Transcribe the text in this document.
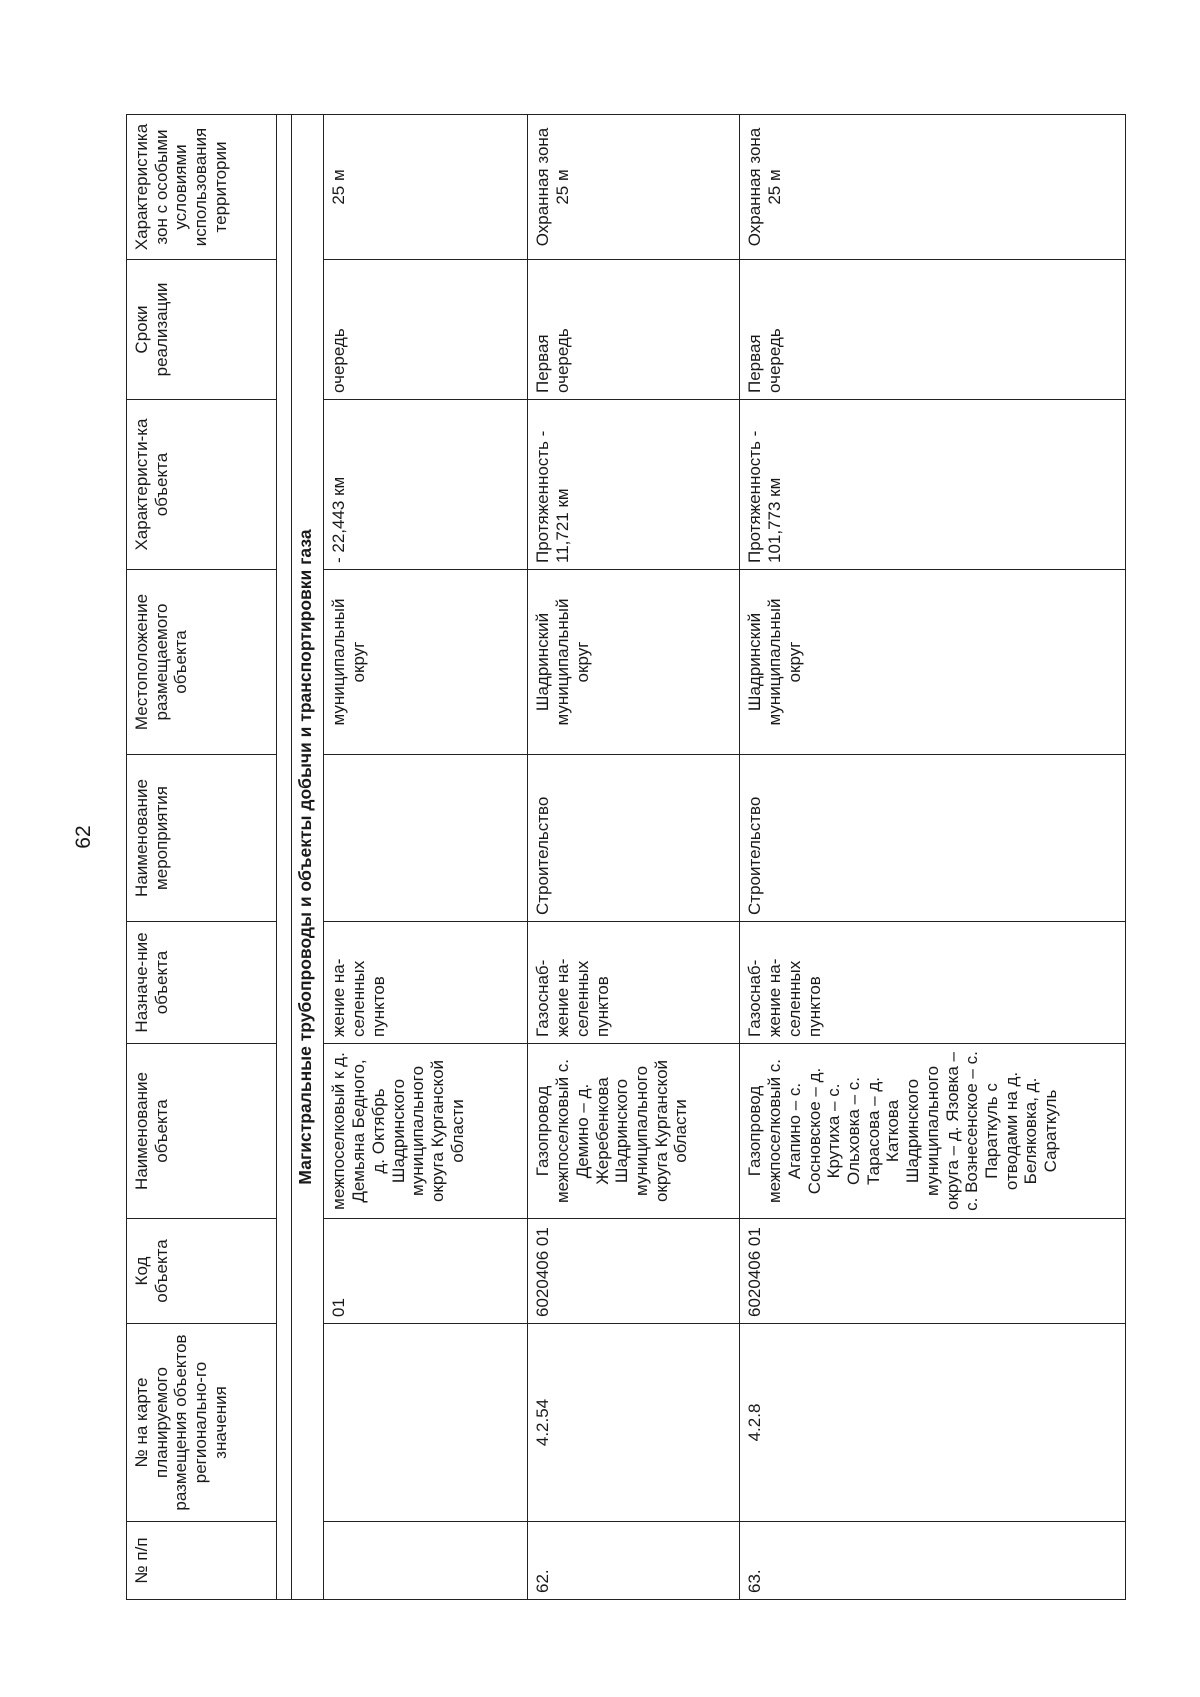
62
№ п/п	№ на карте планируемого размещения объектов регионально-го значения	Код объекта	Наименование объекта	Назначе-ние объекта	Наименование мероприятия	Местоположение размещаемого объекта	Характеристи-ка объекта	Сроки реализации	Характеристика зон с особыми условиями использования территории

Магистральные трубопроводы и объекты добычи и транспортировки газа									
		01	межпоселковый к д. Демьяна Бедного, д. Октябрь Шадринского муниципального округа Курганской области	жение на-селенных пунктов		муниципальный округ	- 22,443 км	очередь	25 м
62.	4.2.54	6020406 01	Газопровод межпоселковый с. Демино – д. Жеребенкова Шадринского муниципального округа Курганской области	Газоснаб-жение на-селенных пунктов	Строительство	Шадринский муниципальный округ	Протяженность - 11,721 км	Первая очередь	Охранная зона 25 м
63.	4.2.8	6020406 01	Газопровод межпоселковый с. Агапино – с. Сосновское – д. Крутиха – с. Ольховка – с. Тарасова – д. Каткова Шадринского муниципального округа – д. Язовка – с. Вознесенское – с. Параткуль с отводами на д. Беляковка, д. Сараткуль	Газоснаб-жение на-селенных пунктов	Строительство	Шадринский муниципальный округ	Протяженность - 101,773 км	Первая очередь	Охранная зона 25 м
